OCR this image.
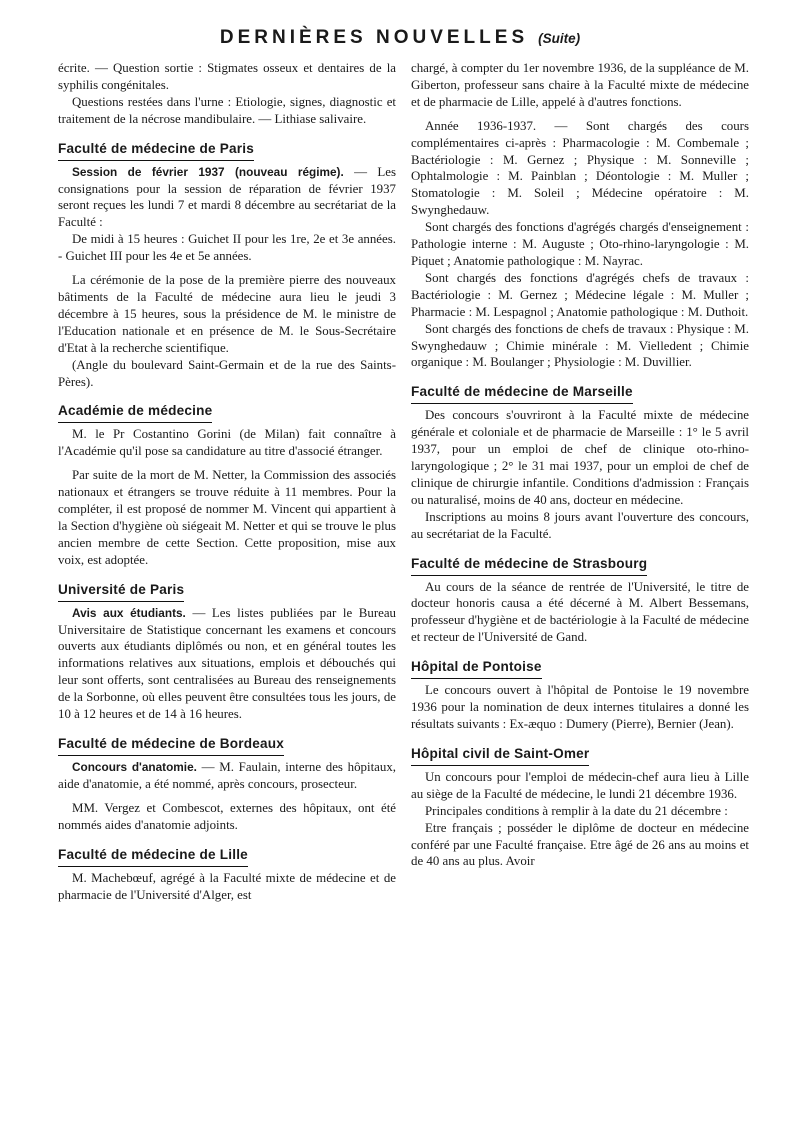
DERNIÈRES NOUVELLES (Suite)

écrite. — Question sortie : Stigmates osseux et dentaires de la syphilis congénitales.

Questions restées dans l'urne : Etiologie, signes, diagnostic et traitement de la nécrose mandibulaire. — Lithiase salivaire.

Faculté de médecine de Paris

Session de février 1937 (nouveau régime). — Les consignations pour la session de réparation de février 1937 seront reçues les lundi 7 et mardi 8 décembre au secrétariat de la Faculté :

De midi à 15 heures : Guichet II pour les 1re, 2e et 3e années. - Guichet III pour les 4e et 5e années.

La cérémonie de la pose de la première pierre des nouveaux bâtiments de la Faculté de médecine aura lieu le jeudi 3 décembre à 15 heures, sous la présidence de M. le ministre de l'Education nationale et en présence de M. le Sous-Secrétaire d'Etat à la recherche scientifique.

(Angle du boulevard Saint-Germain et de la rue des Saints-Pères).

Académie de médecine

M. le Pr Costantino Gorini (de Milan) fait connaître à l'Académie qu'il pose sa candidature au titre d'associé étranger.

Par suite de la mort de M. Netter, la Commission des associés nationaux et étrangers se trouve réduite à 11 membres. Pour la compléter, il est proposé de nommer M. Vincent qui appartient à la Section d'hygiène où siégeait M. Netter et qui se trouve le plus ancien membre de cette Section. Cette proposition, mise aux voix, est adoptée.

Université de Paris

Avis aux étudiants. — Les listes publiées par le Bureau Universitaire de Statistique concernant les examens et concours ouverts aux étudiants diplômés ou non, et en général toutes les informations relatives aux situations, emplois et débouchés qui leur sont offerts, sont centralisées au Bureau des renseignements de la Sorbonne, où elles peuvent être consultées tous les jours, de 10 à 12 heures et de 14 à 16 heures.

Faculté de médecine de Bordeaux

Concours d'anatomie. — M. Faulain, interne des hôpitaux, aide d'anatomie, a été nommé, après concours, prosecteur.

MM. Vergez et Combescot, externes des hôpitaux, ont été nommés aides d'anatomie adjoints.

Faculté de médecine de Lille

M. Machebœuf, agrégé à la Faculté mixte de médecine et de pharmacie de l'Université d'Alger, est

chargé, à compter du 1er novembre 1936, de la suppléance de M. Giberton, professeur sans chaire à la Faculté mixte de médecine et de pharmacie de Lille, appelé à d'autres fonctions.

Année 1936-1937. — Sont chargés des cours complémentaires ci-après : Pharmacologie : M. Combemale ; Bactériologie : M. Gernez ; Physique : M. Sonneville ; Ophtalmologie : M. Painblan ; Déontologie : M. Muller ; Stomatologie : M. Soleil ; Médecine opératoire : M. Swynghedauw.

Sont chargés des fonctions d'agrégés chargés d'enseignement : Pathologie interne : M. Auguste ; Oto-rhino-laryngologie : M. Piquet ; Anatomie pathologique : M. Nayrac.

Sont chargés des fonctions d'agrégés chefs de travaux : Bactériologie : M. Gernez ; Médecine légale : M. Muller ; Pharmacie : M. Lespagnol ; Anatomie pathologique : M. Duthoit.

Sont chargés des fonctions de chefs de travaux : Physique : M. Swynghedauw ; Chimie minérale : M. Vielledent ; Chimie organique : M. Boulanger ; Physiologie : M. Duvillier.

Faculté de médecine de Marseille

Des concours s'ouvriront à la Faculté mixte de médecine générale et coloniale et de pharmacie de Marseille : 1° le 5 avril 1937, pour un emploi de chef de clinique oto-rhino-laryngologique ; 2° le 31 mai 1937, pour un emploi de chef de clinique de chirurgie infantile. Conditions d'admission : Français ou naturalisé, moins de 40 ans, docteur en médecine.

Inscriptions au moins 8 jours avant l'ouverture des concours, au secrétariat de la Faculté.

Faculté de médecine de Strasbourg

Au cours de la séance de rentrée de l'Université, le titre de docteur honoris causa a été décerné à M. Albert Bessemans, professeur d'hygiène et de bactériologie à la Faculté de médecine et recteur de l'Université de Gand.

Hôpital de Pontoise

Le concours ouvert à l'hôpital de Pontoise le 19 novembre 1936 pour la nomination de deux internes titulaires a donné les résultats suivants : Ex-æquo : Dumery (Pierre), Bernier (Jean).

Hôpital civil de Saint-Omer

Un concours pour l'emploi de médecin-chef aura lieu à Lille au siège de la Faculté de médecine, le lundi 21 décembre 1936.

Principales conditions à remplir à la date du 21 décembre :

Etre français ; posséder le diplôme de docteur en médecine conféré par une Faculté française. Etre âgé de 26 ans au moins et de 40 ans au plus. Avoir
